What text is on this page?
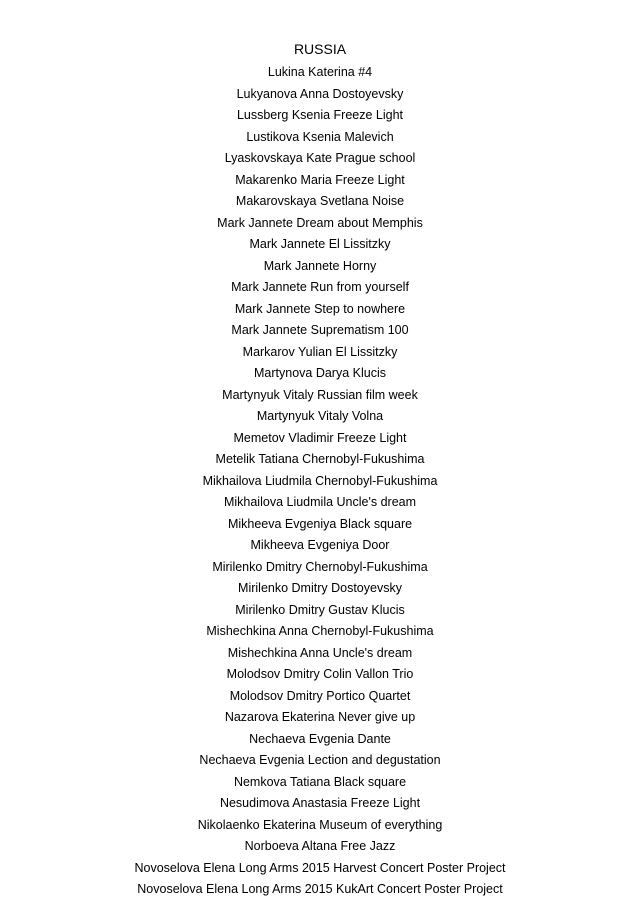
RUSSIA
Lukina Katerina #4
Lukyanova Anna Dostoyevsky
Lussberg Ksenia Freeze Light
Lustikova Ksenia Malevich
Lyaskovskaya Kate Prague school
Makarenko Maria Freeze Light
Makarovskaya Svetlana Noise
Mark Jannete Dream about Memphis
Mark Jannete El Lissitzky
Mark Jannete Horny
Mark Jannete Run from yourself
Mark Jannete Step to nowhere
Mark Jannete Suprematism 100
Markarov Yulian El Lissitzky
Martynova Darya Klucis
Martynyuk Vitaly Russian film week
Martynyuk Vitaly Volna
Memetov Vladimir Freeze Light
Metelik Tatiana Chernobyl-Fukushima
Mikhailova Liudmila Chernobyl-Fukushima
Mikhailova Liudmila Uncle's dream
Mikheeva Evgeniya Black square
Mikheeva Evgeniya Door
Mirilenko Dmitry Chernobyl-Fukushima
Mirilenko Dmitry Dostoyevsky
Mirilenko Dmitry Gustav Klucis
Mishechkina Anna Chernobyl-Fukushima
Mishechkina Anna Uncle's dream
Molodsov Dmitry Colin Vallon Trio
Molodsov Dmitry Portico Quartet
Nazarova Ekaterina Never give up
Nechaeva Evgenia Dante
Nechaeva Evgenia Lection and degustation
Nemkova Tatiana Black square
Nesudimova Anastasia Freeze Light
Nikolaenko Ekaterina Museum of everything
Norboeva Altana Free Jazz
Novoselova Elena Long Arms 2015 Harvest Concert Poster Project
Novoselova Elena Long Arms 2015 KukArt Concert Poster Project
